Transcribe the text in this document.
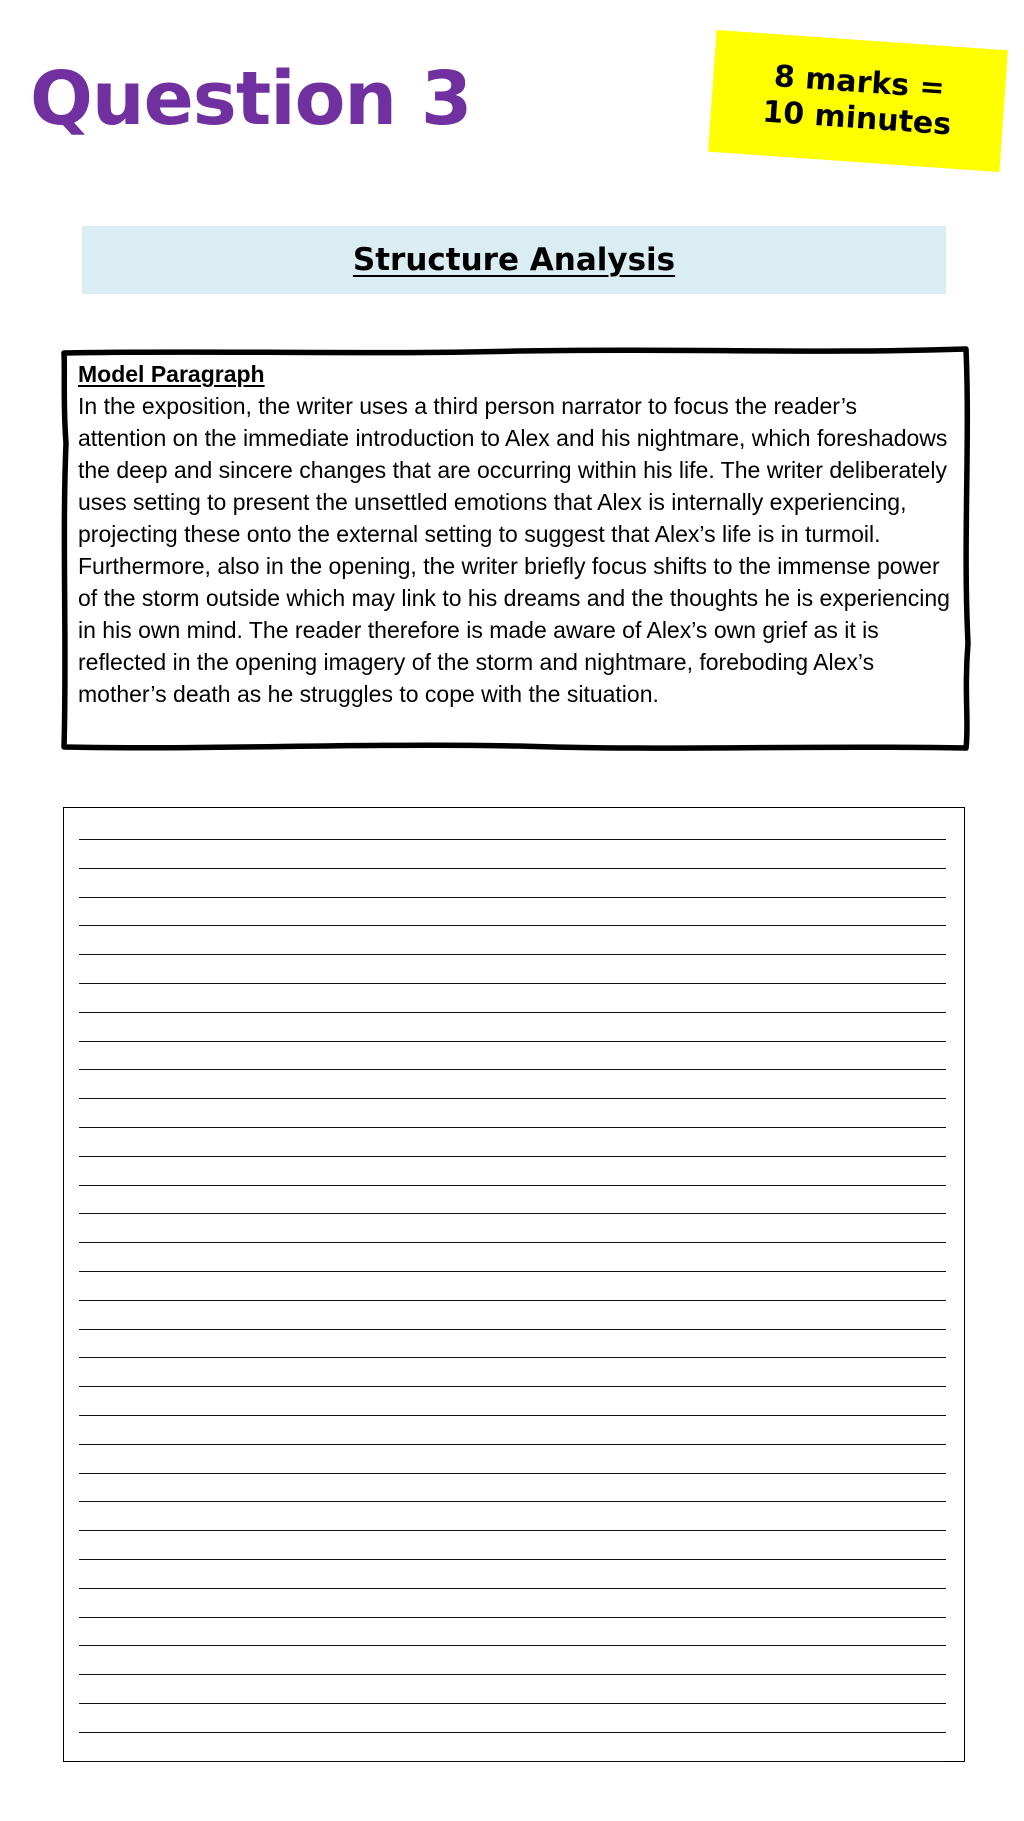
Question 3	8 marks =
10 minutes
Structure Analysis
Model Paragraph

In the exposition, the writer uses a third person narrator to focus the reader’s attention on the immediate introduction to Alex and his nightmare, which foreshadows the deep and sincere changes that are occurring within his life. The writer deliberately uses setting to present the unsettled emotions that Alex is internally experiencing, projecting these onto the external setting to suggest that Alex’s life is in turmoil. Furthermore, also in the opening, the writer briefly focus shifts to the immense power of the storm outside which may link to his dreams and the thoughts he is experiencing in his own mind. The reader therefore is made aware of Alex’s own grief as it is reflected in the opening imagery of the storm and nightmare, foreboding Alex’s mother’s death as he struggles to cope with the situation.
